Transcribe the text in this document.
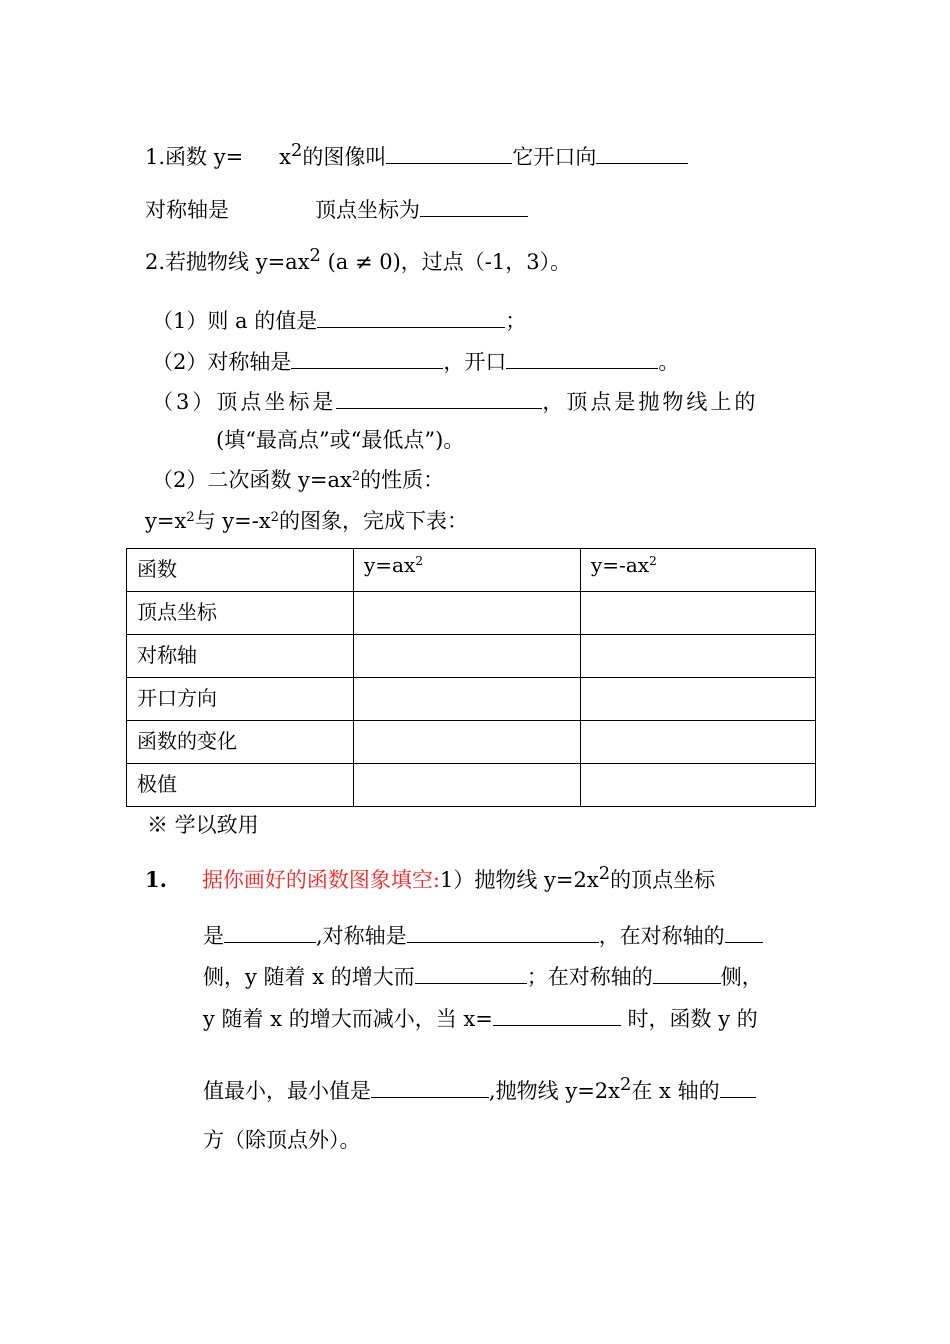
1.函数 $y= x^2$的图像叫	它开口向
对称轴是	顶点坐标为
2.若抛物线 $y=ax^2$ (a ≠ 0)，过点（-1，3）。
（1）则 a 的值是	；
（2）对称轴是	，开口	。
（3）顶点坐标是	，顶点是抛物线上的
(填“最高点”或“最低点”)。
（2）二次函数 $y=ax^2$的性质：
$y=x^2$与 $y=-x^2$的图象，完成下表：
函数	$y=ax^2$	$y=-ax^2$
顶点坐标		
对称轴		
开口方向		
函数的变化		
极值		
※ 学以致用
1. 据你画好的函数图象填空:1）抛物线 $y=2x^2$的顶点坐标
是	,对称轴是	，在对称轴的
侧，y 随着 x 的增大而	；在对称轴的	侧，
y 随着 x 的增大而减小，当 x=	时，函数 y 的
值最小，最小值是	,抛物线 $y=2x^2$在 x 轴的
方（除顶点外）。
